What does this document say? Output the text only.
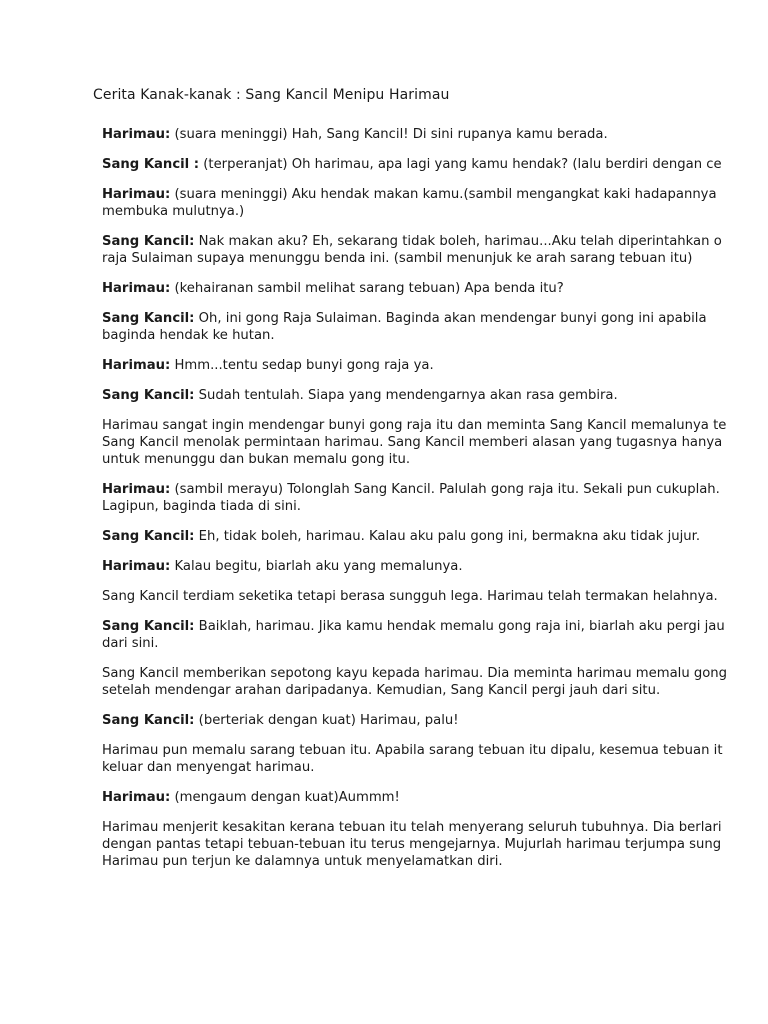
Cerita Kanak-kanak : Sang Kancil Menipu Harimau

Harimau: (suara meninggi) Hah, Sang Kancil! Di sini rupanya kamu berada.

Sang Kancil : (terperanjat) Oh harimau, apa lagi yang kamu hendak? (lalu berdiri dengan ce

Harimau: (suara meninggi) Aku hendak makan kamu.(sambil mengangkat kaki hadapannya
membuka mulutnya.)

Sang Kancil: Nak makan aku? Eh, sekarang tidak boleh, harimau...Aku telah diperintahkan o
raja Sulaiman supaya menunggu benda ini. (sambil menunjuk ke arah sarang tebuan itu)

Harimau: (kehairanan sambil melihat sarang tebuan) Apa benda itu?

Sang Kancil: Oh, ini gong Raja Sulaiman. Baginda akan mendengar bunyi gong ini apabila
baginda hendak ke hutan.

Harimau: Hmm...tentu sedap bunyi gong raja ya.

Sang Kancil: Sudah tentulah. Siapa yang mendengarnya akan rasa gembira.

Harimau sangat ingin mendengar bunyi gong raja itu dan meminta Sang Kancil memalunya te
Sang Kancil menolak permintaan harimau. Sang Kancil memberi alasan yang tugasnya hanya
untuk menunggu dan bukan memalu gong itu.

Harimau: (sambil merayu) Tolonglah Sang Kancil. Palulah gong raja itu. Sekali pun cukuplah.
Lagipun, baginda tiada di sini.

Sang Kancil: Eh, tidak boleh, harimau. Kalau aku palu gong ini, bermakna aku tidak jujur.

Harimau: Kalau begitu, biarlah aku yang memalunya.

Sang Kancil terdiam seketika tetapi berasa sungguh lega. Harimau telah termakan helahnya.

Sang Kancil: Baiklah, harimau. Jika kamu hendak memalu gong raja ini, biarlah aku pergi jau
dari sini.

Sang Kancil memberikan sepotong kayu kepada harimau. Dia meminta harimau memalu gong
setelah mendengar arahan daripadanya. Kemudian, Sang Kancil pergi jauh dari situ.

Sang Kancil: (berteriak dengan kuat) Harimau, palu!

Harimau pun memalu sarang tebuan itu. Apabila sarang tebuan itu dipalu, kesemua tebuan it
keluar dan menyengat harimau.

Harimau: (mengaum dengan kuat)Aummm!

Harimau menjerit kesakitan kerana tebuan itu telah menyerang seluruh tubuhnya. Dia berlari
dengan pantas tetapi tebuan-tebuan itu terus mengejarnya. Mujurlah harimau terjumpa sung
Harimau pun terjun ke dalamnya untuk menyelamatkan diri.
